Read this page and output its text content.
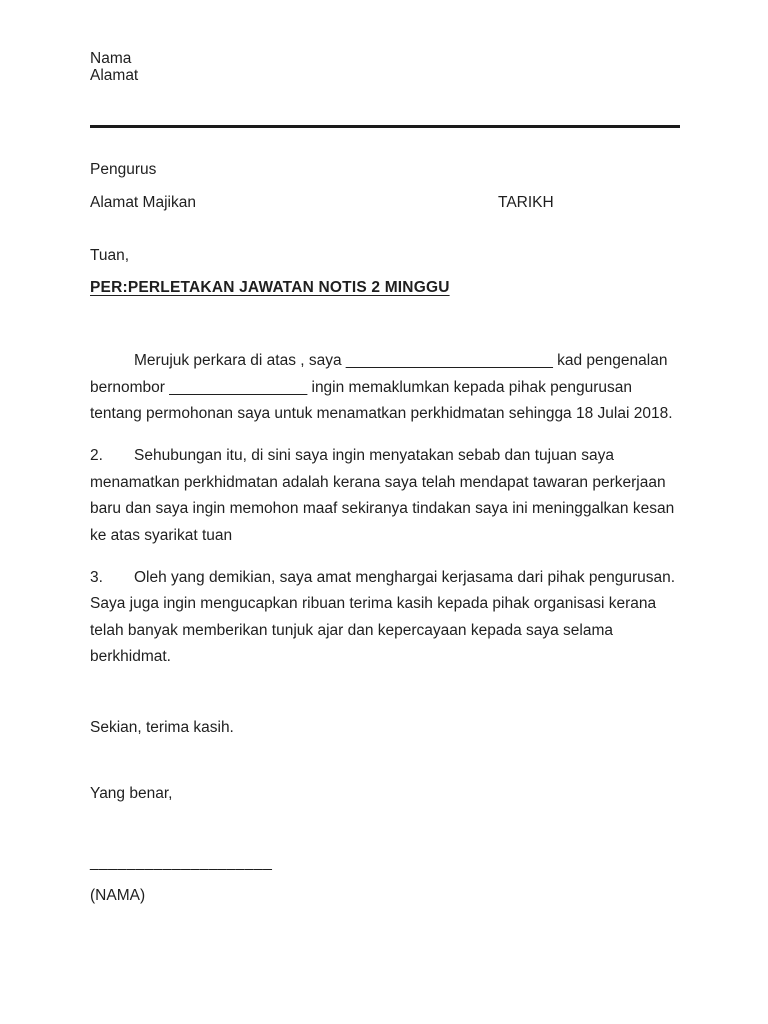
Nama
Alamat
Pengurus
Alamat Majikan	TARIKH
Tuan,
PER:PERLETAKAN JAWATAN NOTIS 2 MINGGU

Merujuk perkara di atas , saya ________________________ kad pengenalan bernombor ________________ ingin memaklumkan kepada pihak pengurusan tentang permohonan saya untuk menamatkan perkhidmatan sehingga 18 Julai 2018.

2. Sehubungan itu, di sini saya ingin menyatakan sebab dan tujuan saya menamatkan perkhidmatan adalah kerana saya telah mendapat tawaran perkerjaan baru dan saya ingin memohon maaf sekiranya tindakan saya ini meninggalkan kesan ke atas syarikat tuan

3. Oleh yang demikian, saya amat menghargai kerjasama dari pihak pengurusan. Saya juga ingin mengucapkan ribuan terima kasih kepada pihak organisasi kerana telah banyak memberikan tunjuk ajar dan kepercayaan kepada saya selama berkhidmat.

Sekian, terima kasih.
Yang benar,
____________________
(NAMA)
